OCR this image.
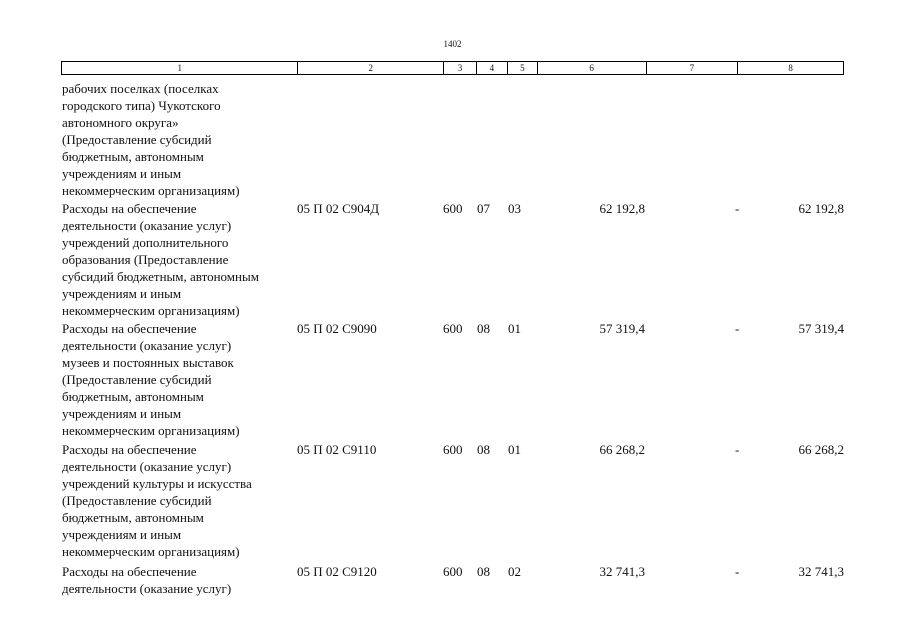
1402
1	2	3	4	5	6	7	8
рабочих поселках (поселках
городского типа) Чукотского
автономного округа»
(Предоставление субсидий
бюджетным, автономным
учреждениям и иным
некоммерческим организациям)
Расходы на обеспечение
деятельности (оказание услуг)
учреждений дополнительного
образования (Предоставление
субсидий бюджетным, автономным
учреждениям и иным
некоммерческим организациям)
05 П 02 С904Д	600 07 03	62 192,8	-	62 192,8
Расходы на обеспечение
деятельности (оказание услуг)
музеев и постоянных выставок
(Предоставление субсидий
бюджетным, автономным
учреждениям и иным
некоммерческим организациям)
05 П 02 С9090	600 08 01	57 319,4	-	57 319,4
Расходы на обеспечение
деятельности (оказание услуг)
учреждений культуры и искусства
(Предоставление субсидий
бюджетным, автономным
учреждениям и иным
некоммерческим организациям)
05 П 02 С9110	600 08 01	66 268,2	-	66 268,2
Расходы на обеспечение
деятельности (оказание услуг)
05 П 02 С9120	600 08 02	32 741,3	-	32 741,3
